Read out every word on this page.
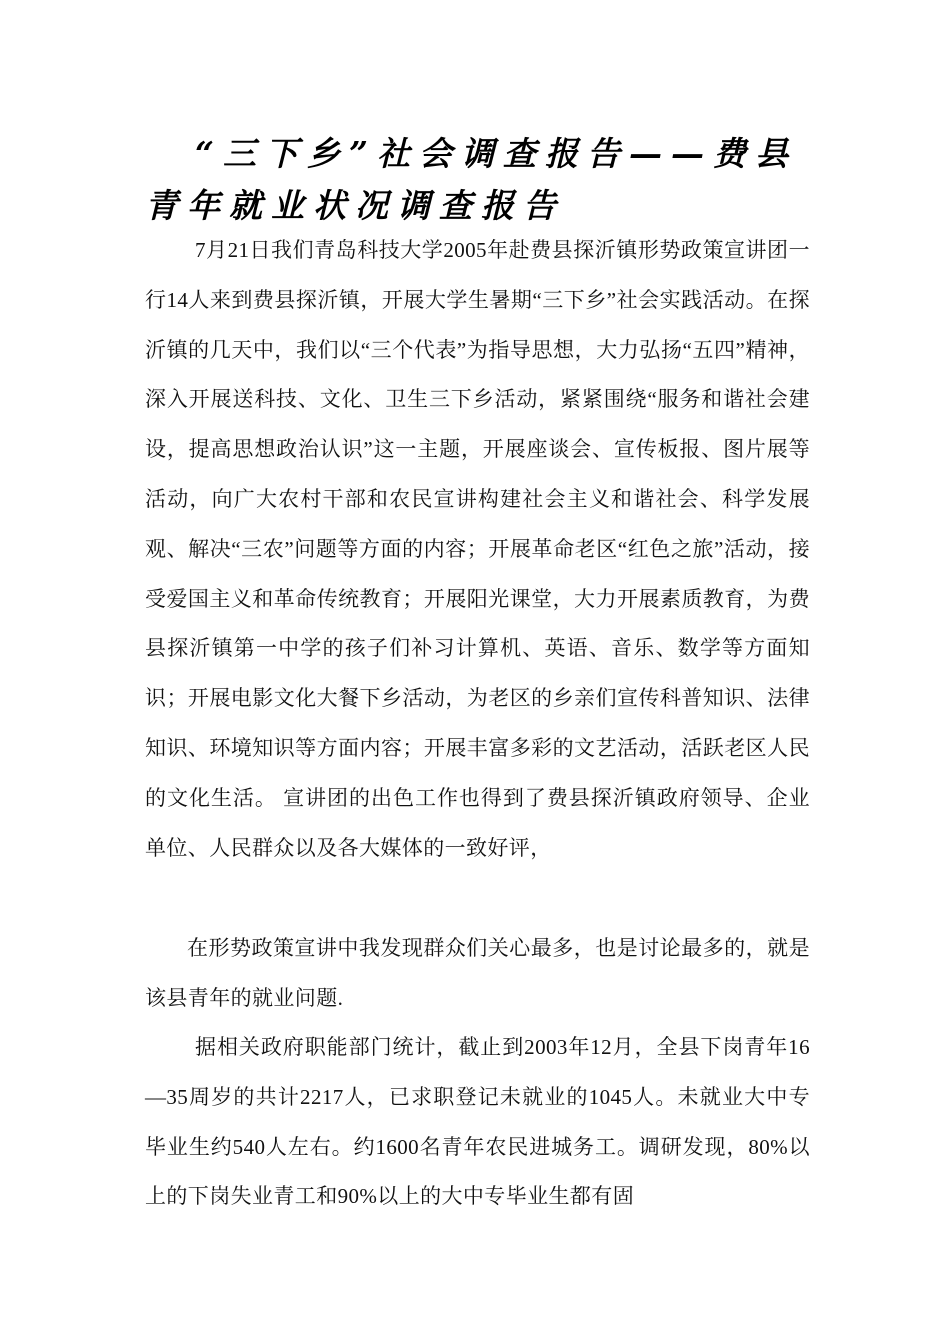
“三下乡”社会调查报告——费县青年就业状况调查报告

7月21日我们青岛科技大学2005年赴费县探沂镇形势政策宣讲团一行14人来到费县探沂镇，开展大学生暑期“三下乡”社会实践活动。在探沂镇的几天中，我们以“三个代表”为指导思想，大力弘扬“五四”精神，深入开展送科技、文化、卫生三下乡活动，紧紧围绕“服务和谐社会建设，提高思想政治认识”这一主题，开展座谈会、宣传板报、图片展等活动，向广大农村干部和农民宣讲构建社会主义和谐社会、科学发展观、解决“三农”问题等方面的内容；开展革命老区“红色之旅”活动，接受爱国主义和革命传统教育；开展阳光课堂，大力开展素质教育，为费县探沂镇第一中学的孩子们补习计算机、英语、音乐、数学等方面知识；开展电影文化大餐下乡活动，为老区的乡亲们宣传科普知识、法律知识、环境知识等方面内容；开展丰富多彩的文艺活动，活跃老区人民的文化生活。 宣讲团的出色工作也得到了费县探沂镇政府领导、企业单位、人民群众以及各大媒体的一致好评，

在形势政策宣讲中我发现群众们关心最多，也是讨论最多的，就是该县青年的就业问题.

据相关政府职能部门统计，截止到2003年12月，全县下岗青年16—35周岁的共计2217人，已求职登记未就业的1045人。未就业大中专毕业生约540人左右。约1600名青年农民进城务工。调研发现，80%以上的下岗失业青工和90%以上的大中专毕业生都有固
